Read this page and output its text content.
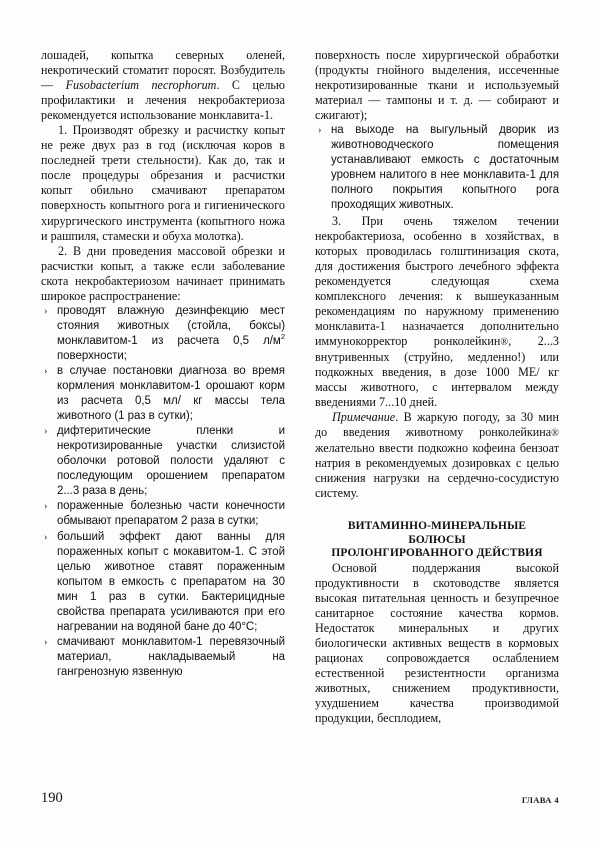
лошадей, копытка северных оленей, некротический стоматит поросят. Возбудитель — Fusobacterium necrophorum. С целью профилактики и лечения некробактериоза рекомендуется использование монклавита-1.

1. Производят обрезку и расчистку копыт не реже двух раз в год (исключая коров в последней трети стельности). Как до, так и после процедуры обрезания и расчистки копыт обильно смачивают препаратом поверхность копытного рога и гигиенического хирургического инструмента (копытного ножа и рашпиля, стамески и обуха молотка).

2. В дни проведения массовой обрезки и расчистки копыт, а также если заболевание скота некробактериозом начинает принимать широкое распространение:

› проводят влажную дезинфекцию мест стояния животных (стойла, боксы) монклавитом-1 из расчета 0,5 $л/м^2$ поверхности;
› в случае постановки диагноза во время кормления монклавитом-1 орошают корм из расчета 0,5 мл/ кг массы тела животного (1 раз в сутки);
› дифтеритические пленки и некротизированные участки слизистой оболочки ротовой полости удаляют с последующим орошением препаратом 2...3 раза в день;
› пораженные болезнью части конечности обмывают препаратом 2 раза в сутки;
› больший эффект дают ванны для пораженных копыт с мокавитом-1. С этой целью животное ставят пораженным копытом в емкость с препаратом на 30 мин 1 раз в сутки. Бактерицидные свойства препарата усиливаются при его нагревании на водяной бане до 40°С;
› смачивают монклавитом-1 перевязочный материал, накладываемый на гангренозную язвенную

поверхность после хирургической обработки (продукты гнойного выделения, иссеченные некротизированные ткани и используемый материал — тампоны и т. д. — собирают и сжигают);

› на выходе на выгульный дворик из животноводческого помещения устанавливают емкость с достаточным уровнем налитого в нее монклавита-1 для полного покрытия копытного рога проходящих животных.

3. При очень тяжелом течении некробактериоза, особенно в хозяйствах, в которых проводилась голштинизация скота, для достижения быстрого лечебного эффекта рекомендуется следующая схема комплексного лечения: к вышеуказанным рекомендациям по наружному применению монклавита-1 назначается дополнительно иммунокорректор ронколейкин®, 2...3 внутривенных (струйно, медленно!) или подкожных введения, в дозе 1000 МЕ/ кг массы животного, с интервалом между введениями 7...10 дней.

Примечание. В жаркую погоду, за 30 мин до введения животному ронколейкина® желательно ввести подкожно кофеина бензоат натрия в рекомендуемых дозировках с целью снижения нагрузки на сердечно-сосудистую систему.

ВИТАМИННО-МИНЕРАЛЬНЫЕ
БОЛЮСЫ
ПРОЛОНГИРОВАННОГО ДЕЙСТВИЯ

Основой поддержания высокой продуктивности в скотоводстве является высокая питательная ценность и безупречное санитарное состояние качества кормов. Недостаток минеральных и других биологически активных веществ в кормовых рационах сопровождается ослаблением естественной резистентности организма животных, снижением продуктивности, ухудшением качества производимой продукции, бесплодием,

190	ГЛАВА 4
